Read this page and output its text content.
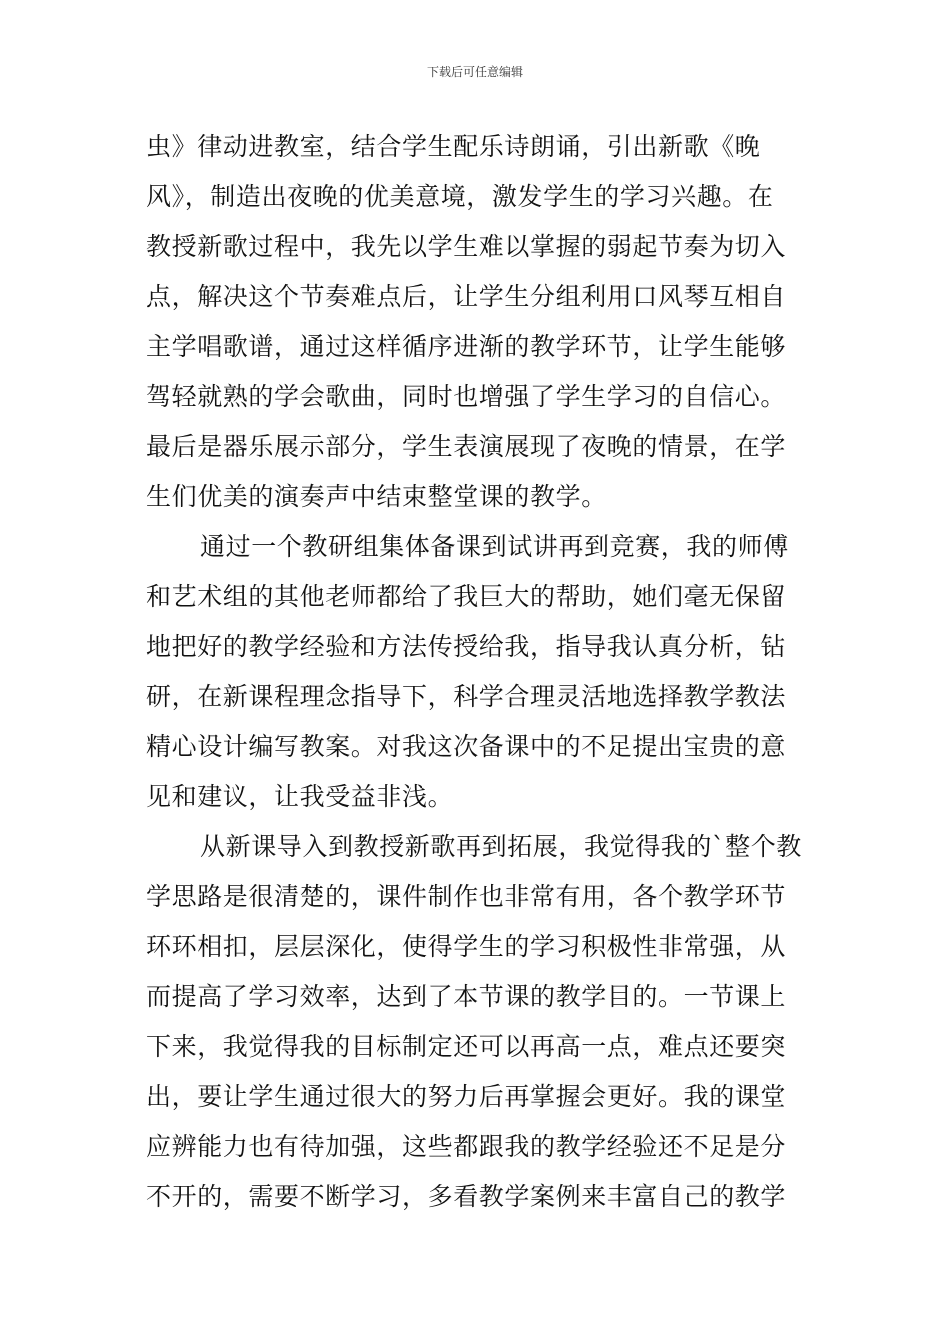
下载后可任意编辑
虫》律动进教室，结合学生配乐诗朗诵，引出新歌《晚
风》，制造出夜晚的优美意境，激发学生的学习兴趣。在
教授新歌过程中，我先以学生难以掌握的弱起节奏为切入
点，解决这个节奏难点后，让学生分组利用口风琴互相自
主学唱歌谱，通过这样循序进渐的教学环节，让学生能够
驾轻就熟的学会歌曲，同时也增强了学生学习的自信心。
最后是器乐展示部分，学生表演展现了夜晚的情景，在学
生们优美的演奏声中结束整堂课的教学。
通过一个教研组集体备课到试讲再到竞赛，我的师傅
和艺术组的其他老师都给了我巨大的帮助，她们毫无保留
地把好的教学经验和方法传授给我，指导我认真分析，钻
研，在新课程理念指导下，科学合理灵活地选择教学教法
精心设计编写教案。对我这次备课中的不足提出宝贵的意
见和建议，让我受益非浅。
从新课导入到教授新歌再到拓展，我觉得我的`整个教
学思路是很清楚的，课件制作也非常有用，各个教学环节
环环相扣，层层深化，使得学生的学习积极性非常强，从
而提高了学习效率，达到了本节课的教学目的。一节课上
下来，我觉得我的目标制定还可以再高一点，难点还要突
出，要让学生通过很大的努力后再掌握会更好。我的课堂
应辨能力也有待加强，这些都跟我的教学经验还不足是分
不开的，需要不断学习，多看教学案例来丰富自己的教学
